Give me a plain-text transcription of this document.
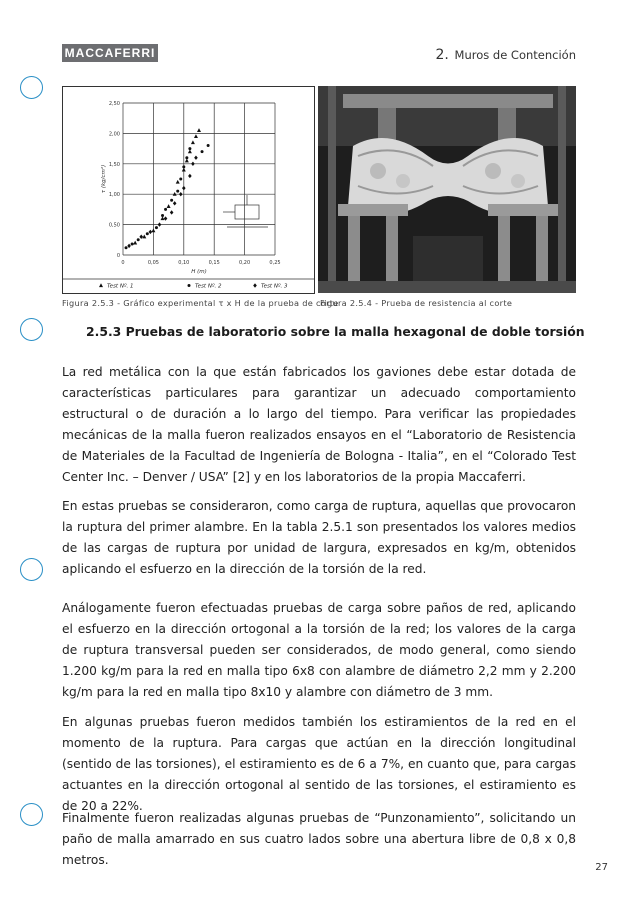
MACCAFERRI	2. Muros de Contención
0	0,05	0,10	0,15	0,20	0,25
0
0,50
1,00
1,50
2,00
2,50
H (m)
τ (kg/cm²)
Test Nº. 1	Test Nº. 2	Test Nº. 3
Figura 2.5.3 - Gráfico experimental τ x H de la prueba de corte
Figura 2.5.4 - Prueba de resistencia al corte
2.5.3 Pruebas de laboratorio sobre la malla hexagonal de doble torsión

La red metálica con la que están fabricados los gaviones debe estar dotada de características particulares para garantizar un adecuado comportamiento estructural o de duración a lo largo del tiempo. Para verificar las propiedades mecánicas de la malla fueron realizados ensayos en el “Laboratorio de Resistencia de Materiales de la Facultad de Ingeniería de Bologna - Italia”, en el “Colorado Test Center Inc. – Denver / USA” [2] y en los laboratorios de la propia Maccaferri.

En estas pruebas se consideraron, como carga de ruptura, aquellas que provocaron la ruptura del primer alambre. En la tabla 2.5.1 son presentados los valores medios de las cargas de ruptura por unidad de largura, expresados en kg/m, obtenidos aplicando el esfuerzo en la dirección de la torsión de la red.

Análogamente fueron efectuadas pruebas de carga sobre paños de red, aplicando el esfuerzo en la dirección ortogonal a la torsión de la red; los valores de la carga de ruptura transversal pueden ser considerados, de modo general, como siendo 1.200 kg/m para la red en malla tipo 6x8 con alambre de diámetro 2,2 mm y 2.200 kg/m para la red en malla tipo 8x10 y alambre con diámetro de 3 mm.

En algunas pruebas fueron medidos también los estiramientos de la red en el momento de la ruptura. Para cargas que actúan en la dirección longitudinal (sentido de las torsiones), el estiramiento es de 6 a 7%, en cuanto que, para cargas actuantes en la dirección ortogonal al sentido de las torsiones, el estiramiento es de 20 a 22%.

Finalmente fueron realizadas algunas pruebas de “Punzonamiento”, solicitando un paño de malla amarrado en sus cuatro lados sobre una abertura libre de 0,8 x 0,8 metros.

27
